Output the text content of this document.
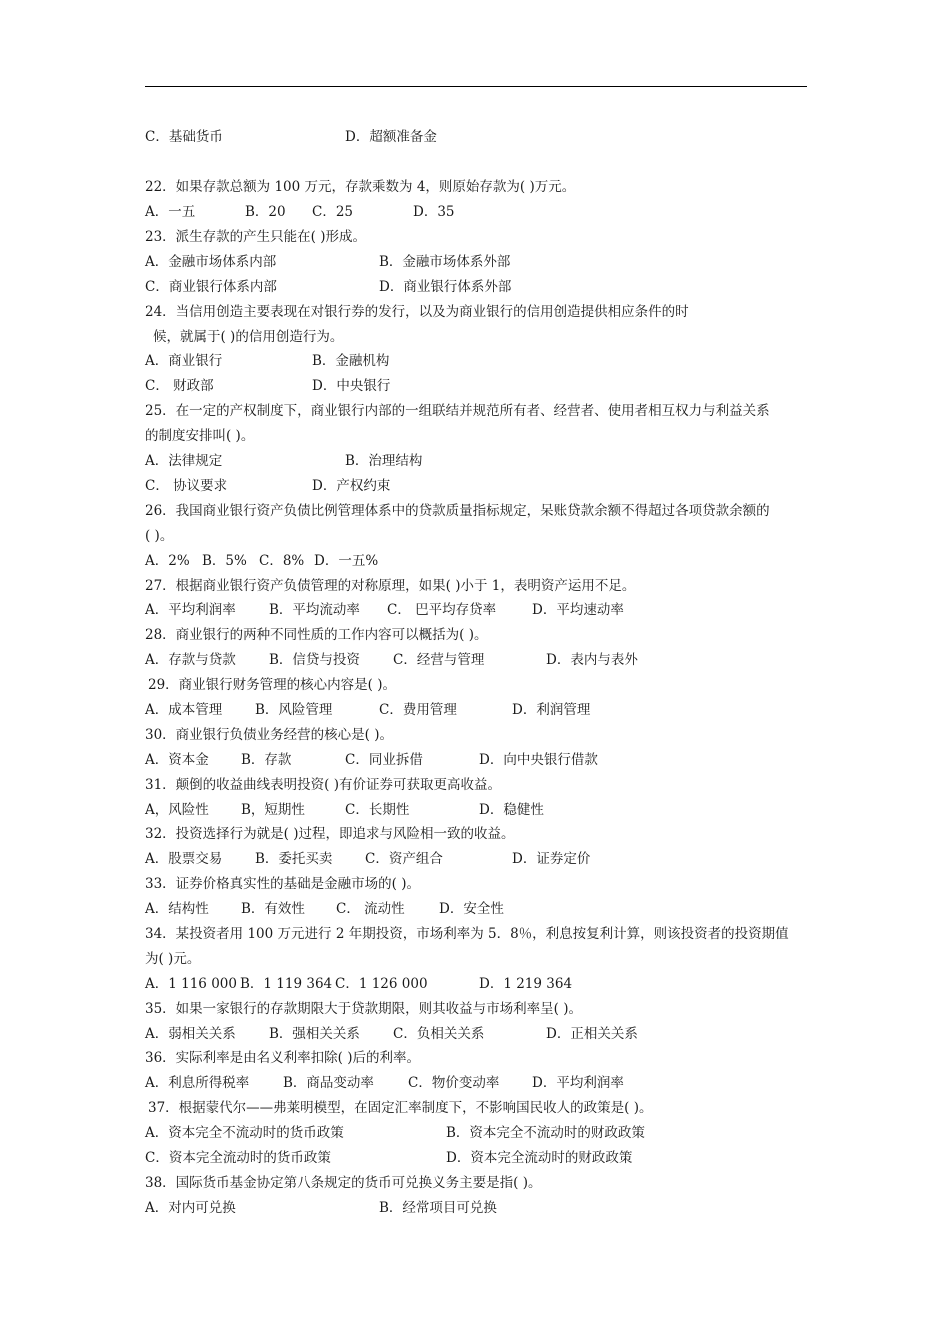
C．基础货币	D．超额准备金
22．如果存款总额为 100 万元，存款乘数为 4，则原始存款为( )万元。
A．一五	B．20 C．25	D．35
23．派生存款的产生只能在( )形成。
A．金融市场体系内部	B．金融市场体系外部
C．商业银行体系内部	D．商业银行体系外部
24．当信用创造主要表现在对银行券的发行，以及为商业银行的信用创造提供相应条件的时
候，就属于( )的信用创造行为。
A．商业银行	B．金融机构
C． 财政部	D．中央银行
25．在一定的产权制度下，商业银行内部的一组联结并规范所有者、经营者、使用者相互权力与利益关系
的制度安排叫( )。
A．法律规定	B．治理结构
C． 协议要求	D．产权约束
26．我国商业银行资产负债比例管理体系中的贷款质量指标规定，呆账贷款余额不得超过各项贷款余额的
( )。
A．2% B．5% C．8% D．一五%
27．根据商业银行资产负债管理的对称原理，如果( )小于 1，表明资产运用不足。
A．平均利润率 B．平均流动率 C． 巴平均存贷率	D．平均速动率
28．商业银行的两种不同性质的工作内容可以概括为( )。
A．存款与贷款 B．信贷与投资 C．经营与管理	D．表内与表外
29．商业银行财务管理的核心内容是( )。
A．成本管理 B．风险管理	C．费用管理	D．利润管理
30．商业银行负债业务经营的核心是( )。
A．资本金 B．存款	C．同业拆借	D．向中央银行借款
31．颠倒的收益曲线表明投资( )有价证券可获取更高收益。
A，风险性 B，短期性	C．长期性	D．稳健性
32．投资选择行为就是( )过程，即追求与风险相一致的收益。
A．股票交易 B．委托买卖 C．资产组合	D．证券定价
33．证券价格真实性的基础是金融市场的( )。
A．结构性 B．有效性 C． 流动性	D．安全性
34．某投资者用 100 万元进行 2 年期投资，市场利率为 5．8％，利息按复利计算，则该投资者的投资期值
为( )元。
A．1 116 000 B．1 119 364 C．1 126 000	D．1 219 364
35．如果一家银行的存款期限大于贷款期限，则其收益与市场利率呈( )。
A．弱相关关系 B．强相关关系 C．负相关关系	D．正相关关系
36．实际利率是由名义利率扣除( )后的利率。
A．利息所得税率	B．商品变动率	C．物价变动率 D．平均利润率
37．根据蒙代尔——弗莱明模型，在固定汇率制度下，不影响国民收人的政策是( )。
A．资本完全不流动时的货币政策	B．资本完全不流动时的财政政策
C．资本完全流动时的货币政策	D．资本完全流动时的财政政策
38．国际货币基金协定第八条规定的货币可兑换义务主要是指( )。
A．对内可兑换	B．经常项目可兑换
